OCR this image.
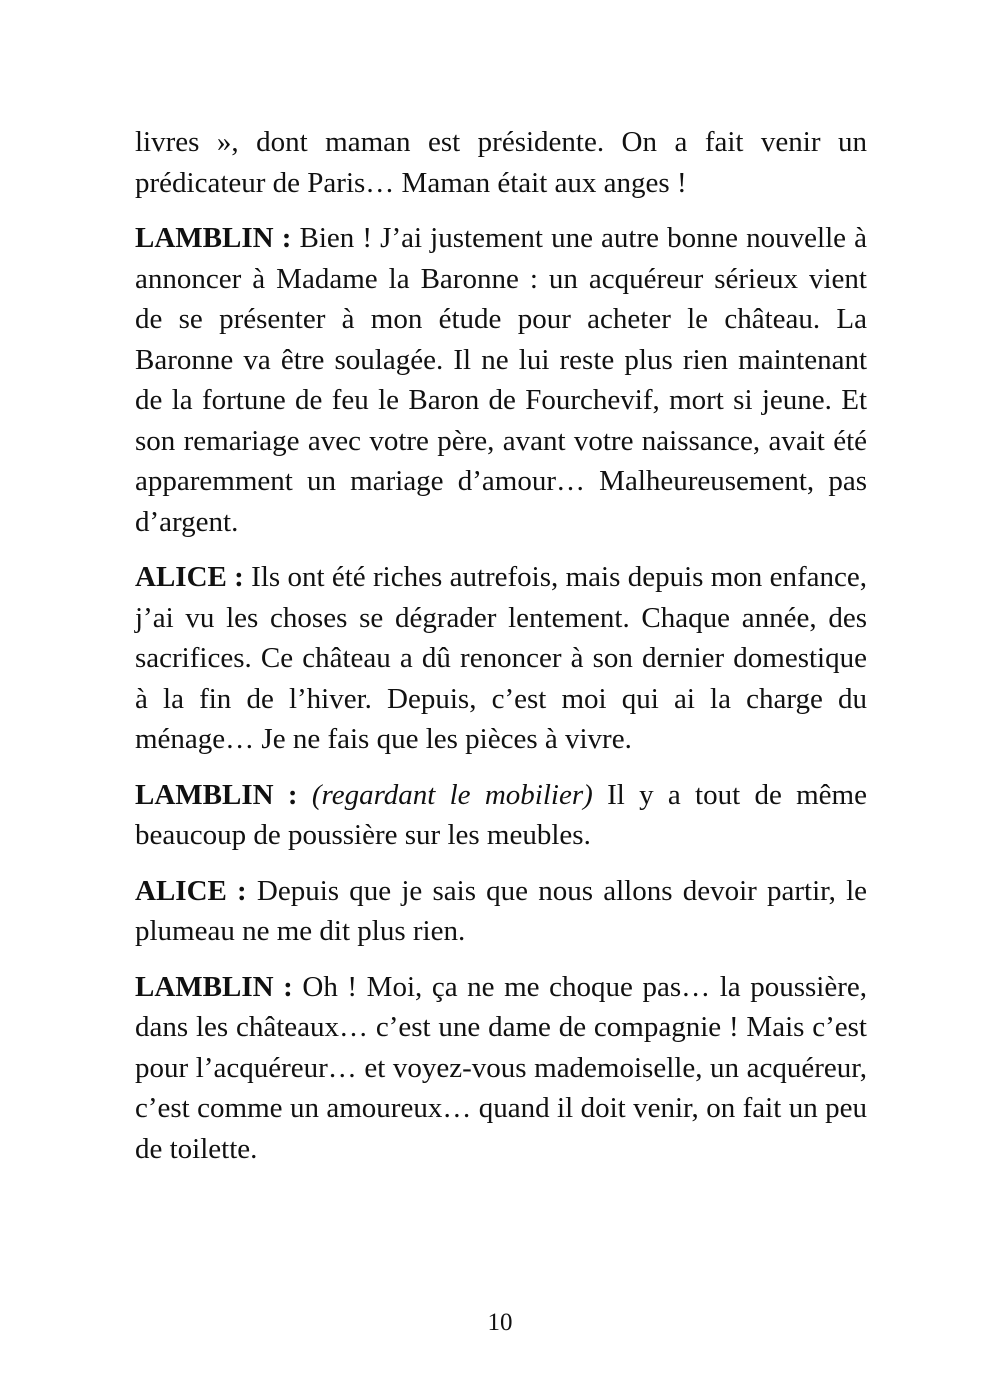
livres », dont maman est présidente. On a fait venir un prédicateur de Paris… Maman était aux anges !

LAMBLIN : Bien ! J’ai justement une autre bonne nouvelle à annoncer à Madame la Baronne : un acquéreur sérieux vient de se présenter à mon étude pour acheter le château. La Baronne va être soulagée. Il ne lui reste plus rien maintenant de la fortune de feu le Baron de Fourchevif, mort si jeune. Et son remariage avec votre père, avant votre naissance, avait été apparemment un mariage d’amour… Malheureusement, pas d’argent.

ALICE : Ils ont été riches autrefois, mais depuis mon enfance, j’ai vu les choses se dégrader lentement. Chaque année, des sacrifices. Ce château a dû renoncer à son dernier domestique à la fin de l’hiver. Depuis, c’est moi qui ai la charge du ménage… Je ne fais que les pièces à vivre.

LAMBLIN : (regardant le mobilier) Il y a tout de même beaucoup de poussière sur les meubles.

ALICE : Depuis que je sais que nous allons devoir partir, le plumeau ne me dit plus rien.

LAMBLIN : Oh ! Moi, ça ne me choque pas… la poussière, dans les châteaux… c’est une dame de compagnie ! Mais c’est pour l’acquéreur… et voyez-vous mademoiselle, un acquéreur, c’est comme un amoureux… quand il doit venir, on fait un peu de toilette.

10
